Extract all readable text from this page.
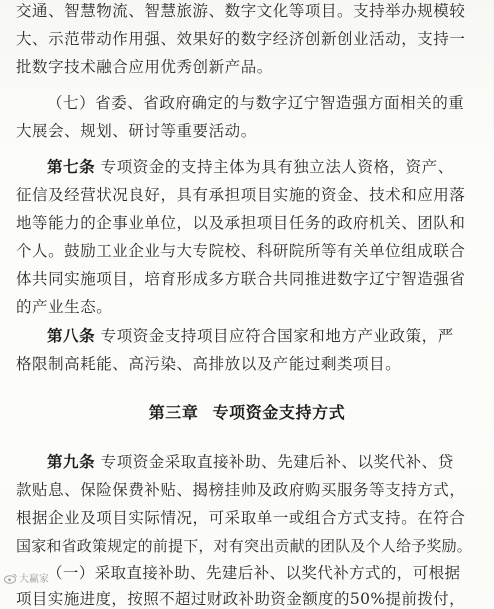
交通、智慧物流、智慧旅游、数字文化等项目。支持举办规模较
大、示范带动作用强、效果好的数字经济创新创业活动，支持一
批数字技术融合应用优秀创新产品。
（七）省委、省政府确定的与数字辽宁智造强方面相关的重
大展会、规划、研讨等重要活动。
第七条 专项资金的支持主体为具有独立法人资格，资产、
征信及经营状况良好，具有承担项目实施的资金、技术和应用落
地等能力的企事业单位，以及承担项目任务的政府机关、团队和
个人。鼓励工业企业与大专院校、科研院所等有关单位组成联合
体共同实施项目，培育形成多方联合共同推进数字辽宁智造强省
的产业生态。
第八条 专项资金支持项目应符合国家和地方产业政策，严
格限制高耗能、高污染、高排放以及产能过剩类项目。
第三章 专项资金支持方式
第九条 专项资金采取直接补助、先建后补、以奖代补、贷
款贴息、保险保费补贴、揭榜挂帅及政府购买服务等支持方式，
根据企业及项目实际情况，可采取单一或组合方式支持。在符合
国家和省政策规定的前提下，对有突出贡献的团队及个人给予奖励。
（一）采取直接补助、先建后补、以奖代补方式的，可根据
项目实施进度，按照不超过财政补助资金额度的50%提前拨付，
大赢家
